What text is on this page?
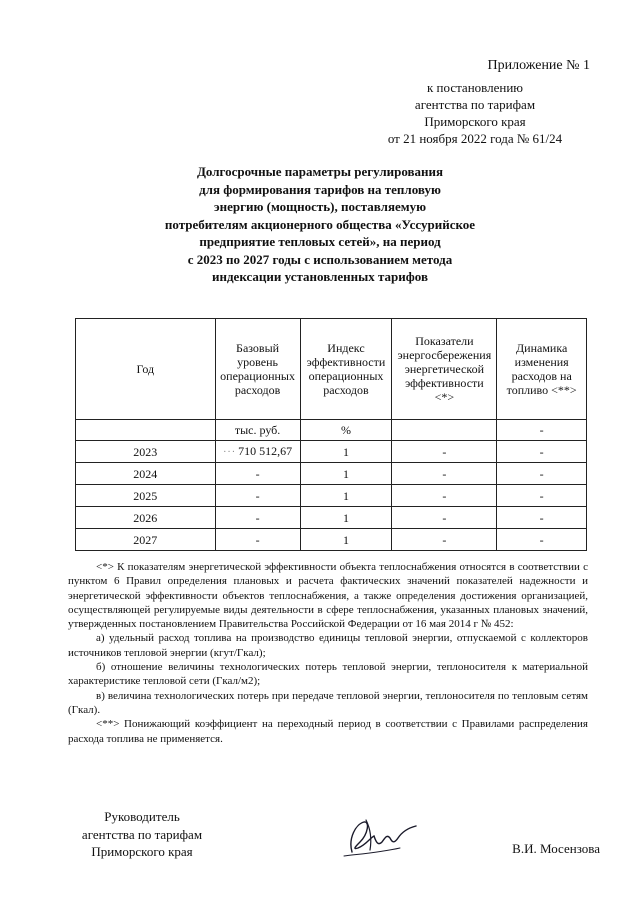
Приложение № 1
к постановлению
агентства по тарифам
Приморского края
от 21 ноября 2022 года № 61/24
Долгосрочные параметры регулирования
для формирования тарифов на тепловую
энергию (мощность), поставляемую
потребителям акционерного общества «Уссурийское
предприятие тепловых сетей», на период
с 2023 по 2027 годы с использованием метода
индексации установленных тарифов
Год	Базовый уровень операционных расходов	Индекс эффективности операционных расходов	Показатели энергосбережения энергетической эффективности <*>	Динамика изменения расходов на топливо <**>
	тыс. руб.	%		-
2023	··· 710 512,67	1	-	-
2024	-	1	-	-
2025	-	1	-	-
2026	-	1	-	-
2027	-	1	-	-

<*> К показателям энергетической эффективности объекта теплоснабжения относятся в соответствии с пунктом 6 Правил определения плановых и расчета фактических значений показателей надежности и энергетической эффективности объектов теплоснабжения, а также определения достижения организацией, осуществляющей регулируемые виды деятельности в сфере теплоснабжения, указанных плановых значений, утвержденных постановлением Правительства Российской Федерации от 16 мая 2014 г № 452:

а) удельный расход топлива на производство единицы тепловой энергии, отпускаемой с коллекторов источников тепловой энергии (кгут/Гкал);

б) отношение величины технологических потерь тепловой энергии, теплоносителя к материальной характеристике тепловой сети (Гкал/м2);

в) величина технологических потерь при передаче тепловой энергии, теплоносителя по тепловым сетям (Гкал).

<**> Понижающий коэффициент на переходный период в соответствии с Правилами распределения расхода топлива не применяется.

Руководитель
агентства по тарифам
Приморского края	В.И. Мосензова
